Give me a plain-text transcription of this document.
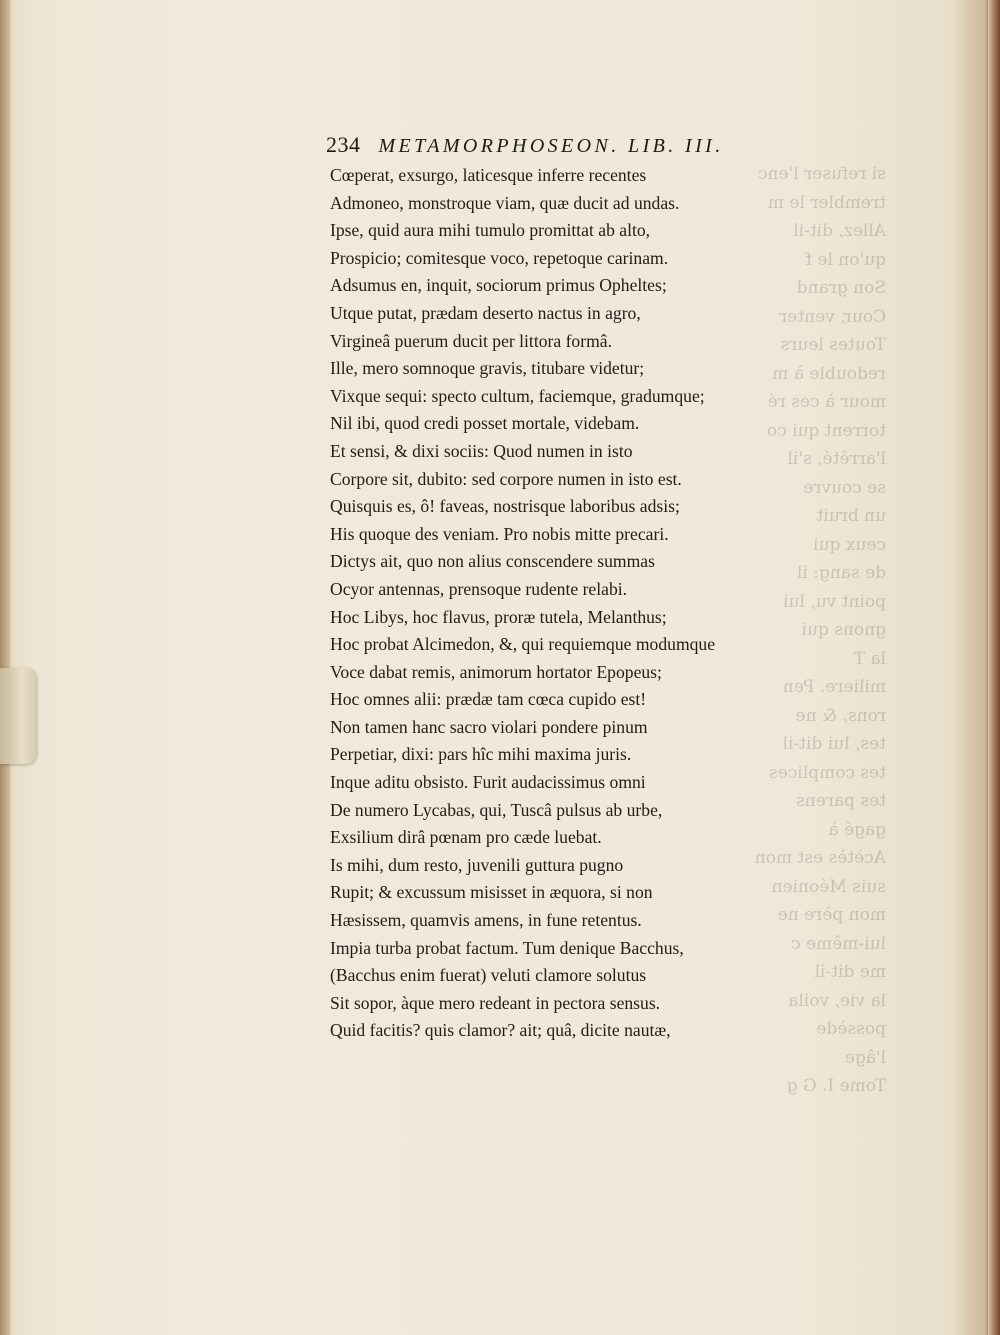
si refuser l'enc
trembler le m
Allez, dit-il
qu'on le f
Son grand
Cour, venter
Toutes leurs
redouble à m
mour à ces ré
torrent qui co
l'arrêté, s'il
se couvre
un bruit
ceux qui
de sang: il
point vu, lui
gnons qui
la T
miliere. Pen
rons, & ne
tes, lui dit-il
tes complices
tes parens
gagé à
Acètès est mon
suis Méonien
mon père ne
lui-même c
me dit-il
la vie, voila
possède
l'âge
Tome I. G g
234 METAMORPHOSEON. LIB. III.
Cœperat, exsurgo, laticesque inferre recentes
Admoneo, monstroque viam, quæ ducit ad undas.
Ipse, quid aura mihi tumulo promittat ab alto,
Prospicio; comitesque voco, repetoque carinam.
Adsumus en, inquit, sociorum primus Opheltes;
Utque putat, prædam deserto nactus in agro,
Virgineâ puerum ducit per littora formâ.
Ille, mero somnoque gravis, titubare videtur;
Vixque sequi: specto cultum, faciemque, gradumque;
Nil ibi, quod credi posset mortale, videbam.
Et sensi, & dixi sociis: Quod numen in isto
Corpore sit, dubito: sed corpore numen in isto est.
Quisquis es, ô! faveas, nostrisque laboribus adsis;
His quoque des veniam. Pro nobis mitte precari.
Dictys ait, quo non alius conscendere summas
Ocyor antennas, prensoque rudente relabi.
Hoc Libys, hoc flavus, proræ tutela, Melanthus;
Hoc probat Alcimedon, &, qui requiemque modumque
Voce dabat remis, animorum hortator Epopeus;
Hoc omnes alii: prædæ tam cœca cupido est!
Non tamen hanc sacro violari pondere pinum
Perpetiar, dixi: pars hîc mihi maxima juris.
Inque aditu obsisto. Furit audacissimus omni
De numero Lycabas, qui, Tuscâ pulsus ab urbe,
Exsilium dirâ pœnam pro cæde luebat.
Is mihi, dum resto, juvenili guttura pugno
Rupit; & excussum misisset in æquora, si non
Hæsissem, quamvis amens, in fune retentus.
Impia turba probat factum. Tum denique Bacchus,
(Bacchus enim fuerat) veluti clamore solutus
Sit sopor, àque mero redeant in pectora sensus.
Quid facitis? quis clamor? ait; quâ, dicite nautæ,
